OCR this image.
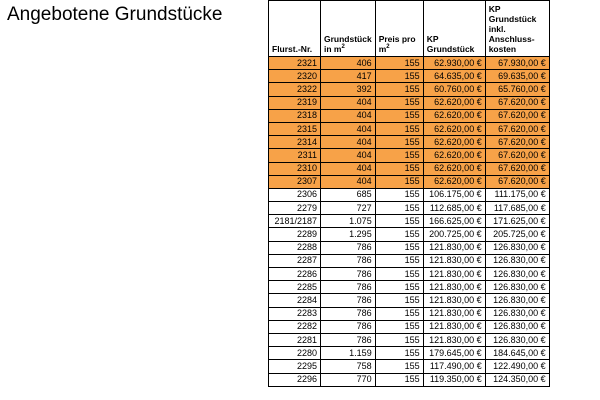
Angebotene Grundstücke
Flurst.-Nr.	Grundstück in $m^2$	Preis pro $m^2$	KP Grundstück	KP Grundstück inkl. Anschluss-kosten
2321	406	155	62.930,00 €	67.930,00 €
2320	417	155	64.635,00 €	69.635,00 €
2322	392	155	60.760,00 €	65.760,00 €
2319	404	155	62.620,00 €	67.620,00 €
2318	404	155	62.620,00 €	67.620,00 €
2315	404	155	62.620,00 €	67.620,00 €
2314	404	155	62.620,00 €	67.620,00 €
2311	404	155	62.620,00 €	67.620,00 €
2310	404	155	62.620,00 €	67.620,00 €
2307	404	155	62.620,00 €	67.620,00 €
2306	685	155	106.175,00 €	111.175,00 €
2279	727	155	112.685,00 €	117.685,00 €
2181/2187	1.075	155	166.625,00 €	171.625,00 €
2289	1.295	155	200.725,00 €	205.725,00 €
2288	786	155	121.830,00 €	126.830,00 €
2287	786	155	121.830,00 €	126.830,00 €
2286	786	155	121.830,00 €	126.830,00 €
2285	786	155	121.830,00 €	126.830,00 €
2284	786	155	121.830,00 €	126.830,00 €
2283	786	155	121.830,00 €	126.830,00 €
2282	786	155	121.830,00 €	126.830,00 €
2281	786	155	121.830,00 €	126.830,00 €
2280	1.159	155	179.645,00 €	184.645,00 €
2295	758	155	117.490,00 €	122.490,00 €
2296	770	155	119.350,00 €	124.350,00 €
